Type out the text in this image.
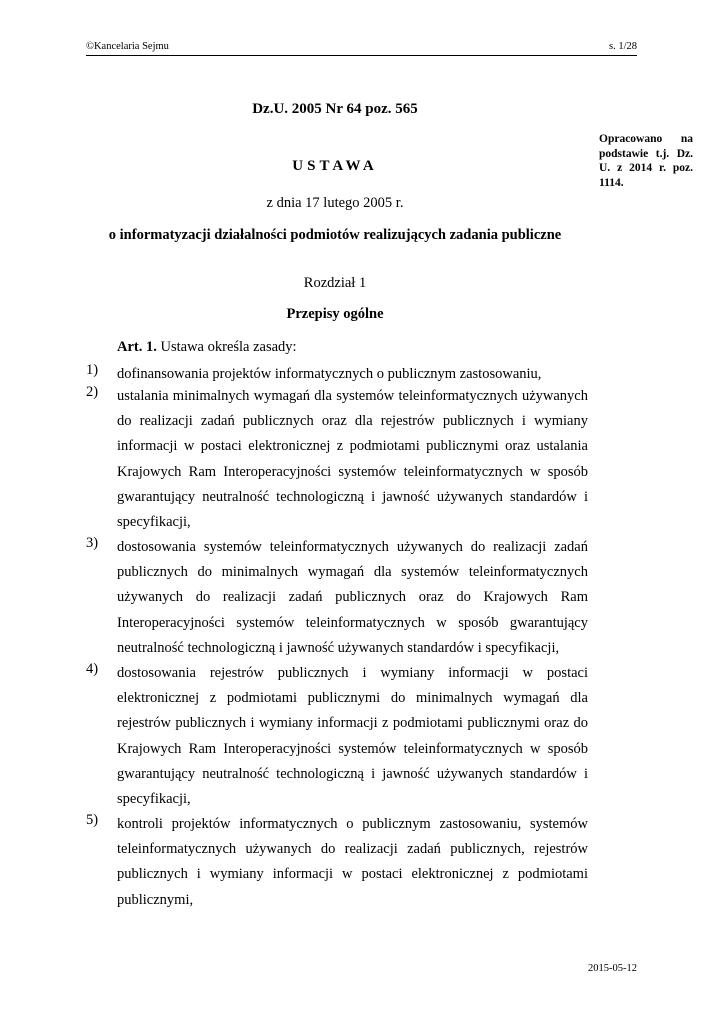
©Kancelaria Sejmu	s. 1/28
Opracowano na podstawie t.j. Dz. U. z 2014 r. poz. 1114.
Dz.U. 2005 Nr 64 poz. 565
USTAWA
z dnia 17 lutego 2005 r.
o informatyzacji działalności podmiotów realizujących zadania publiczne
Rozdział 1
Przepisy ogólne
Art. 1. Ustawa określa zasady:
1) dofinansowania projektów informatycznych o publicznym zastosowaniu,
2) ustalania minimalnych wymagań dla systemów teleinformatycznych używanych do realizacji zadań publicznych oraz dla rejestrów publicznych i wymiany informacji w postaci elektronicznej z podmiotami publicznymi oraz ustalania Krajowych Ram Interoperacyjności systemów teleinformatycznych w sposób gwarantujący neutralność technologiczną i jawność używanych standardów i specyfikacji,
3) dostosowania systemów teleinformatycznych używanych do realizacji zadań publicznych do minimalnych wymagań dla systemów teleinformatycznych używanych do realizacji zadań publicznych oraz do Krajowych Ram Interoperacyjności systemów teleinformatycznych w sposób gwarantujący neutralność technologiczną i jawność używanych standardów i specyfikacji,
4) dostosowania rejestrów publicznych i wymiany informacji w postaci elektronicznej z podmiotami publicznymi do minimalnych wymagań dla rejestrów publicznych i wymiany informacji z podmiotami publicznymi oraz do Krajowych Ram Interoperacyjności systemów teleinformatycznych w sposób gwarantujący neutralność technologiczną i jawność używanych standardów i specyfikacji,
5) kontroli projektów informatycznych o publicznym zastosowaniu, systemów teleinformatycznych używanych do realizacji zadań publicznych, rejestrów publicznych i wymiany informacji w postaci elektronicznej z podmiotami publicznymi,
2015-05-12
